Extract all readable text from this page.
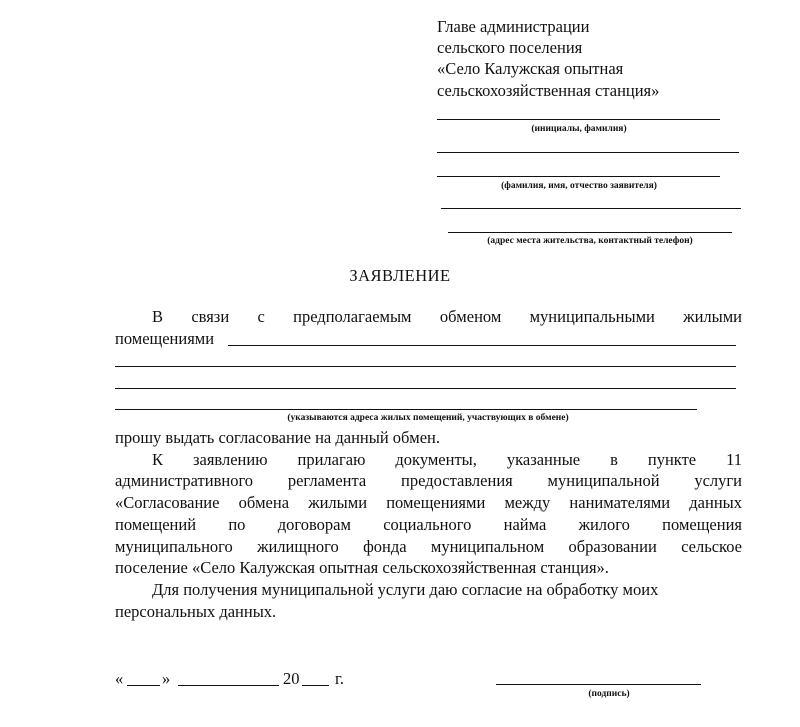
Главе администрации
сельского поселения
«Село Калужская опытная
сельскохозяйственная станция»
(инициалы, фамилия)
(фамилия, имя, отчество заявителя)
(адрес места жительства, контактный телефон)
ЗАЯВЛЕНИЕ
В связи с предполагаемым обменом муниципальными жилыми
помещениями
(указываются адреса жилых помещений, участвующих в обмене)
прошу выдать согласование на данный обмен.
К заявлению прилагаю документы, указанные в пункте 11
административного регламента предоставления муниципальной услуги
«Согласование обмена жилыми помещениями между нанимателями данных
помещений по договорам социального найма жилого помещения
муниципального жилищного фонда муниципальном образовании сельское
поселение «Село Калужская опытная сельскохозяйственная станция».
Для получения муниципальной услуги даю согласие на обработку моих
персональных данных.
« »	20 г.
(подпись)
